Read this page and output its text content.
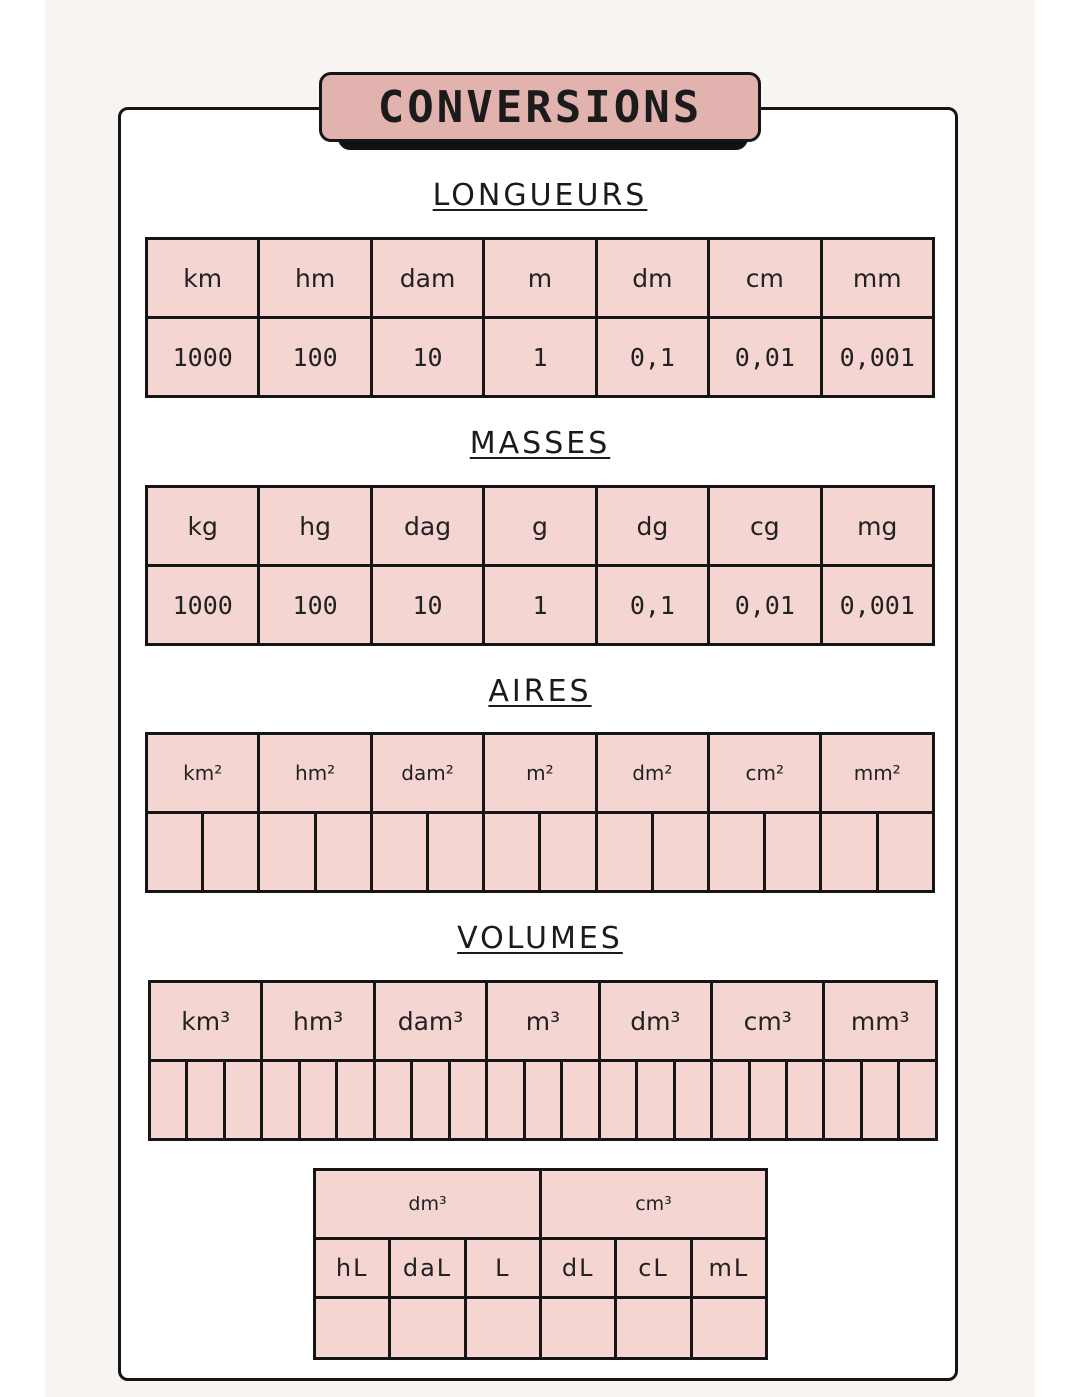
CONVERSIONS
LONGUEURS
km	hm	dam	m	dm	cm	mm
1000	100	10	1	0,1	0,01	0,001
MASSES
kg	hg	dag	g	dg	cg	mg
1000	100	10	1	0,1	0,01	0,001
AIRES
km²		hm²		dam²		m²		dm²		cm²		mm²	

VOLUMES
km³			hm³			dam³			m³			dm³			cm³			mm³		

dm³			cm³		
hL	daL	L	dL	cL	mL
